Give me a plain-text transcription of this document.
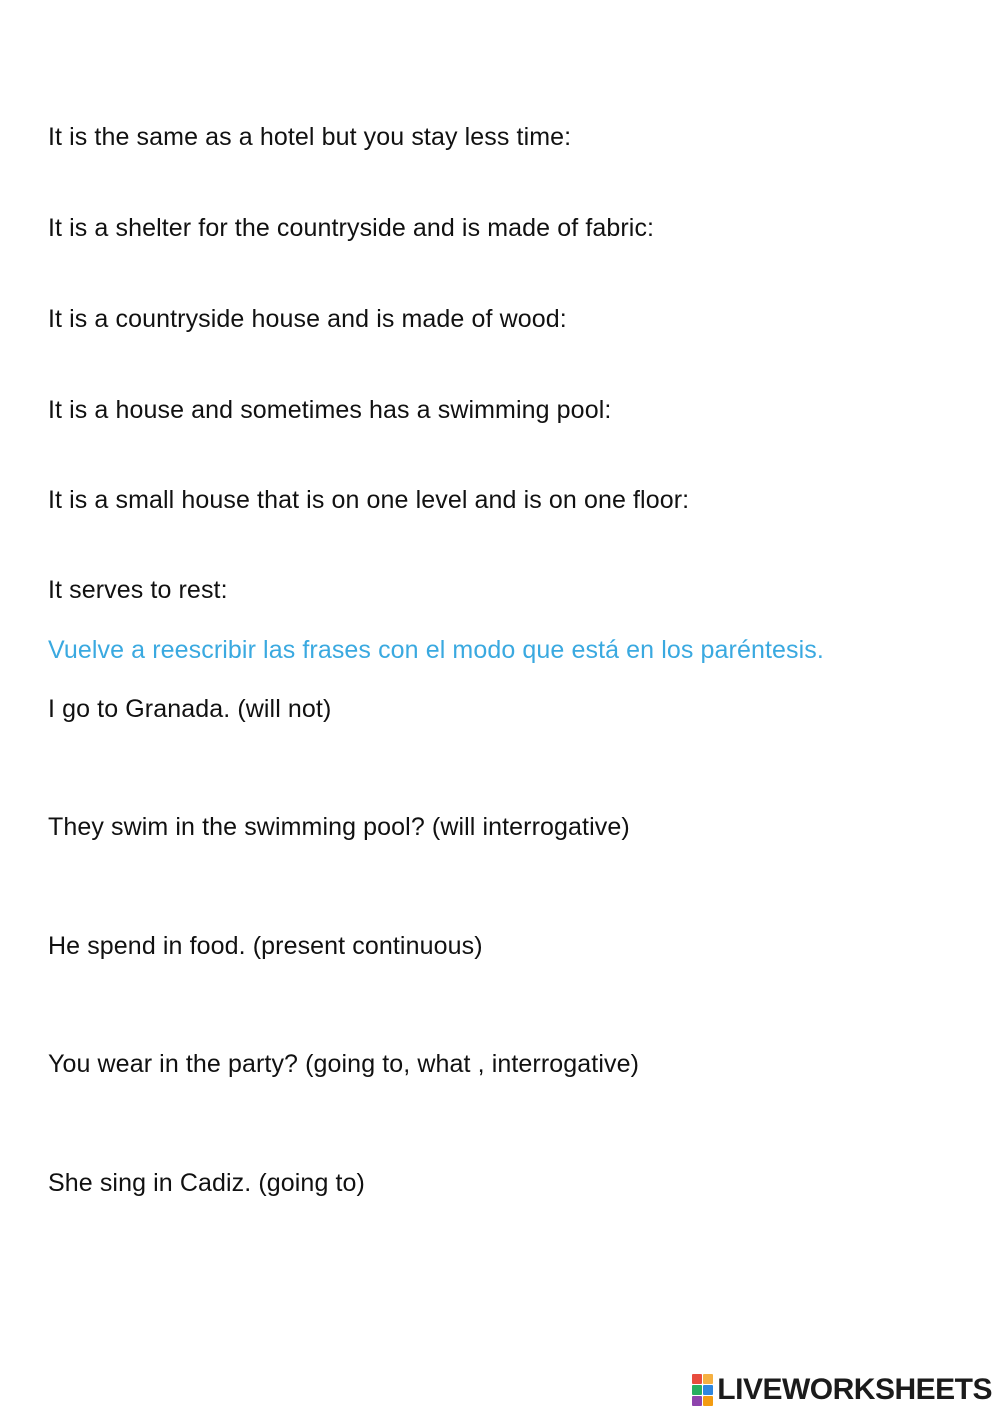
It is the same as a hotel but you stay less time:
It is a shelter for the countryside and is made of fabric:
It is a countryside house and is made of wood:
It is a house and sometimes has a swimming pool:
It is a small house that is on one level and is on one floor:
It serves to rest:
Vuelve a reescribir las frases con el modo que está en los paréntesis.
I go to Granada. (will not)
They swim in the swimming pool? (will interrogative)
He spend in food. (present continuous)
You wear in the party? (going to, what , interrogative)
She sing in Cadiz. (going to)
LIVEWORKSHEETS
